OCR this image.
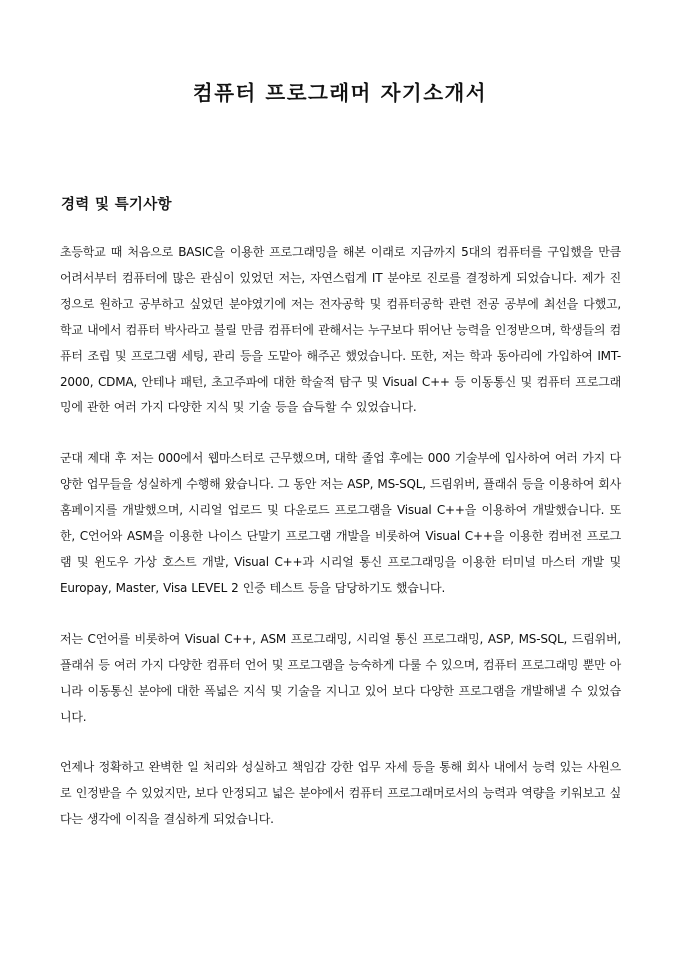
컴퓨터 프로그래머 자기소개서
경력 및 특기사항

초등학교 때 처음으로 BASIC을 이용한 프로그래밍을 해본 이래로 지금까지 5대의 컴퓨터를 구입했을 만큼 어려서부터 컴퓨터에 많은 관심이 있었던 저는, 자연스럽게 IT 분야로 진로를 결정하게 되었습니다. 제가 진정으로 원하고 공부하고 싶었던 분야였기에 저는 전자공학 및 컴퓨터공학 관련 전공 공부에 최선을 다했고, 학교 내에서 컴퓨터 박사라고 불릴 만큼 컴퓨터에 관해서는 누구보다 뛰어난 능력을 인정받으며, 학생들의 컴퓨터 조립 및 프로그램 세팅, 관리 등을 도맡아 해주곤 했었습니다. 또한, 저는 학과 동아리에 가입하여 IMT-2000, CDMA, 안테나 패턴, 초고주파에 대한 학술적 탐구 및 Visual C++ 등 이동통신 및 컴퓨터 프로그래밍에 관한 여러 가지 다양한 지식 및 기술 등을 습득할 수 있었습니다.

군대 제대 후 저는 000에서 웹마스터로 근무했으며, 대학 졸업 후에는 000 기술부에 입사하여 여러 가지 다양한 업무들을 성실하게 수행해 왔습니다. 그 동안 저는 ASP, MS-SQL, 드림위버, 플래쉬 등을 이용하여 회사 홈페이지를 개발했으며, 시리얼 업로드 및 다운로드 프로그램을 Visual C++을 이용하여 개발했습니다. 또한, C언어와 ASM을 이용한 나이스 단말기 프로그램 개발을 비롯하여 Visual C++을 이용한 컴버전 프로그램 및 윈도우 가상 호스트 개발, Visual C++과 시리얼 통신 프로그래밍을 이용한 터미널 마스터 개발 및 Europay, Master, Visa LEVEL 2 인증 테스트 등을 담당하기도 했습니다.

저는 C언어를 비롯하여 Visual C++, ASM 프로그래밍, 시리얼 통신 프로그래밍, ASP, MS-SQL, 드림위버, 플래쉬 등 여러 가지 다양한 컴퓨터 언어 및 프로그램을 능숙하게 다룰 수 있으며, 컴퓨터 프로그래밍 뿐만 아니라 이동통신 분야에 대한 폭넓은 지식 및 기술을 지니고 있어 보다 다양한 프로그램을 개발해낼 수 있었습니다.

언제나 정확하고 완벽한 일 처리와 성실하고 책임감 강한 업무 자세 등을 통해 회사 내에서 능력 있는 사원으로 인정받을 수 있었지만, 보다 안정되고 넓은 분야에서 컴퓨터 프로그래머로서의 능력과 역량을 키워보고 싶다는 생각에 이직을 결심하게 되었습니다.
